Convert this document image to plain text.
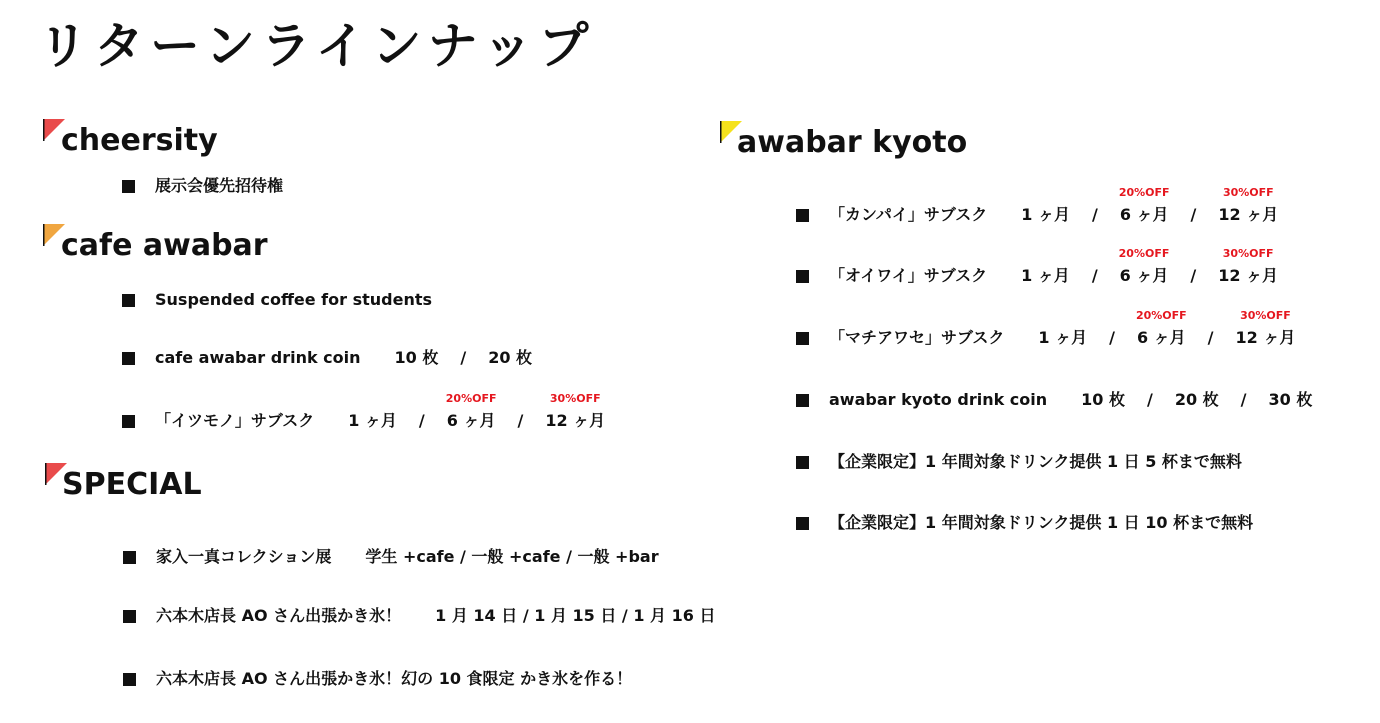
リターンラインナップ
cheersity
展示会優先招待権
cafe awabar
Suspended coffee for students
cafe awabar drink coin 10 枚 / 20 枚
「イツモノ」サブスク 1 ヶ月 /
20%OFF
6 ヶ月 /
30%OFF
12 ヶ月
SPECIAL
家入一真コレクション展 学生 +cafe / 一般 +cafe / 一般 +bar
六本木店長 AO さん出張かき氷！ 1 月 14 日 / 1 月 15 日 / 1 月 16 日
六本木店長 AO さん出張かき氷！幻の 10 食限定 かき氷を作る！
awabar kyoto
「カンパイ」サブスク 1 ヶ月 /
20%OFF
6 ヶ月 /
30%OFF
12 ヶ月
「オイワイ」サブスク 1 ヶ月 /
20%OFF
6 ヶ月 /
30%OFF
12 ヶ月
「マチアワセ」サブスク 1 ヶ月 /
20%OFF
6 ヶ月 /
30%OFF
12 ヶ月
awabar kyoto drink coin 10 枚 / 20 枚 / 30 枚
【企業限定】1 年間対象ドリンク提供 1 日 5 杯まで無料
【企業限定】1 年間対象ドリンク提供 1 日 10 杯まで無料
